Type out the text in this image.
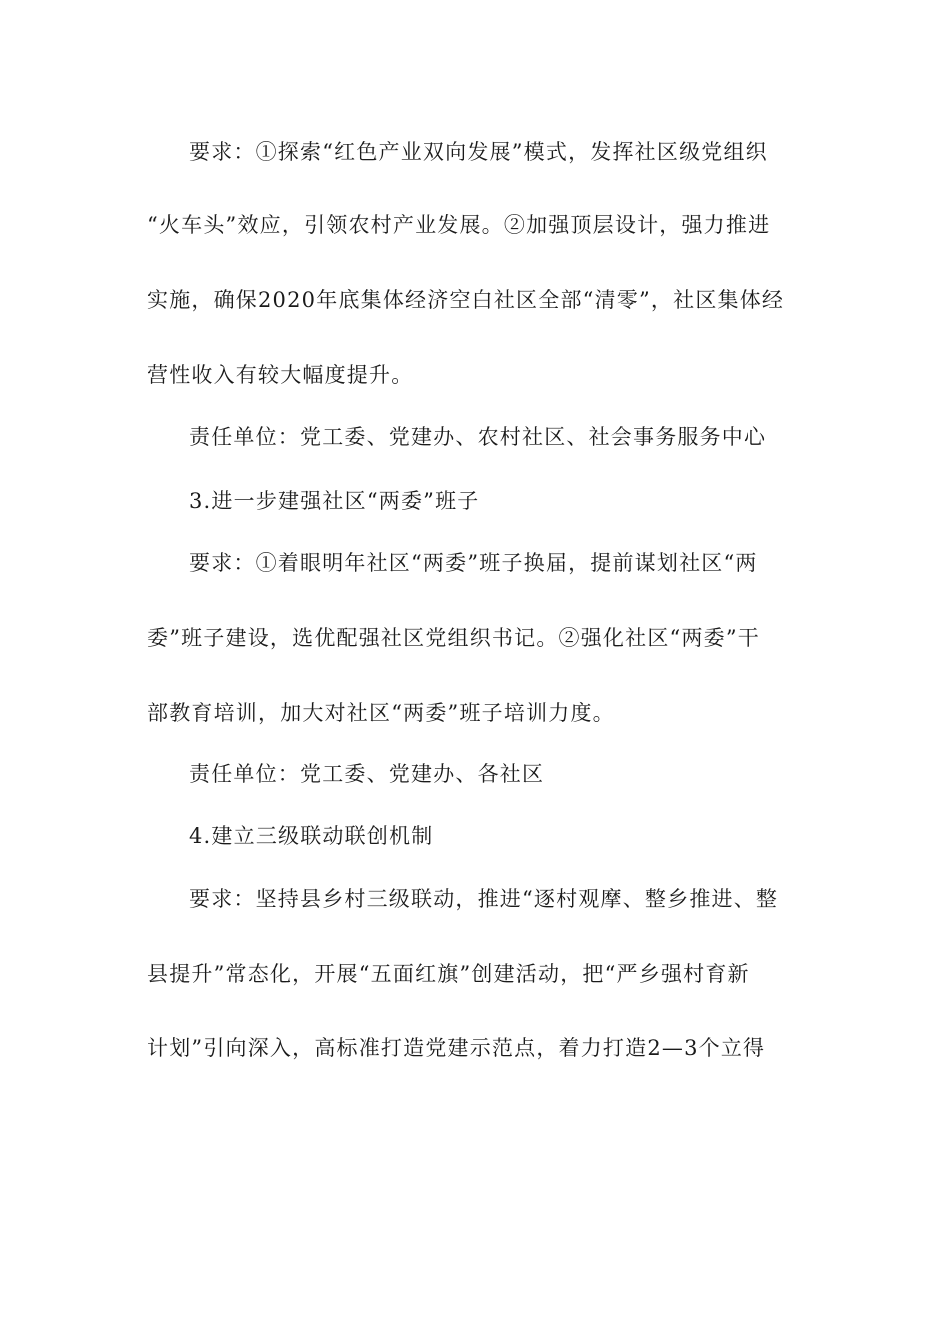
要求：①探索“红色产业双向发展”模式，发挥社区级党组织
“火车头”效应，引领农村产业发展。②加强顶层设计，强力推进
实施，确保2020年底集体经济空白社区全部“清零”，社区集体经
营性收入有较大幅度提升。
责任单位：党工委、党建办、农村社区、社会事务服务中心
3.进一步建强社区“两委”班子
要求：①着眼明年社区“两委”班子换届，提前谋划社区“两
委”班子建设，选优配强社区党组织书记。②强化社区“两委”干
部教育培训，加大对社区“两委”班子培训力度。
责任单位：党工委、党建办、各社区
4.建立三级联动联创机制
要求：坚持县乡村三级联动，推进“逐村观摩、整乡推进、整
县提升”常态化，开展“五面红旗”创建活动，把“严乡强村育新
计划”引向深入，高标准打造党建示范点，着力打造2—3个立得
